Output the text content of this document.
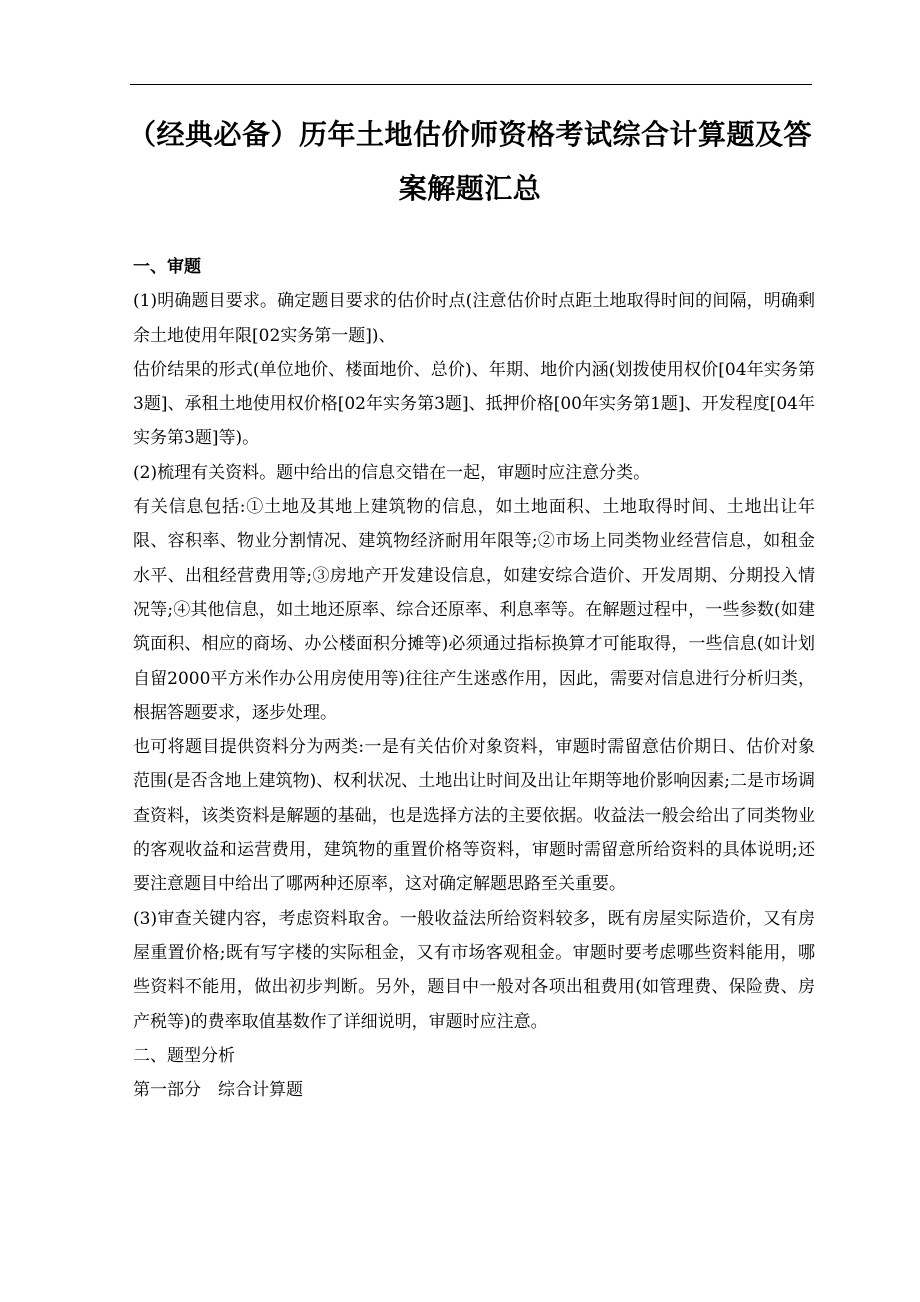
（经典必备）历年土地估价师资格考试综合计算题及答案解题汇总

一、审题

(1)明确题目要求。确定题目要求的估价时点(注意估价时点距土地取得时间的间隔，明确剩余土地使用年限[02实务第一题])、

估价结果的形式(单位地价、楼面地价、总价)、年期、地价内涵(划拨使用权价[04年实务第3题]、承租土地使用权价格[02年实务第3题]、抵押价格[00年实务第1题]、开发程度[04年实务第3题]等)。

(2)梳理有关资料。题中给出的信息交错在一起，审题时应注意分类。

有关信息包括:①土地及其地上建筑物的信息，如土地面积、土地取得时间、土地出让年限、容积率、物业分割情况、建筑物经济耐用年限等;②市场上同类物业经营信息，如租金水平、出租经营费用等;③房地产开发建设信息，如建安综合造价、开发周期、分期投入情况等;④其他信息，如土地还原率、综合还原率、利息率等。在解题过程中，一些参数(如建筑面积、相应的商场、办公楼面积分摊等)必须通过指标换算才可能取得，一些信息(如计划自留2000平方米作办公用房使用等)往往产生迷惑作用，因此，需要对信息进行分析归类，根据答题要求，逐步处理。

也可将题目提供资料分为两类:一是有关估价对象资料，审题时需留意估价期日、估价对象范围(是否含地上建筑物)、权利状况、土地出让时间及出让年期等地价影响因素;二是市场调查资料，该类资料是解题的基础，也是选择方法的主要依据。收益法一般会给出了同类物业的客观收益和运营费用，建筑物的重置价格等资料，审题时需留意所给资料的具体说明;还要注意题目中给出了哪两种还原率，这对确定解题思路至关重要。

(3)审查关键内容，考虑资料取舍。一般收益法所给资料较多，既有房屋实际造价，又有房屋重置价格;既有写字楼的实际租金，又有市场客观租金。审题时要考虑哪些资料能用，哪些资料不能用，做出初步判断。另外，题目中一般对各项出租费用(如管理费、保险费、房产税等)的费率取值基数作了详细说明，审题时应注意。

二、题型分析

第一部分　综合计算题
